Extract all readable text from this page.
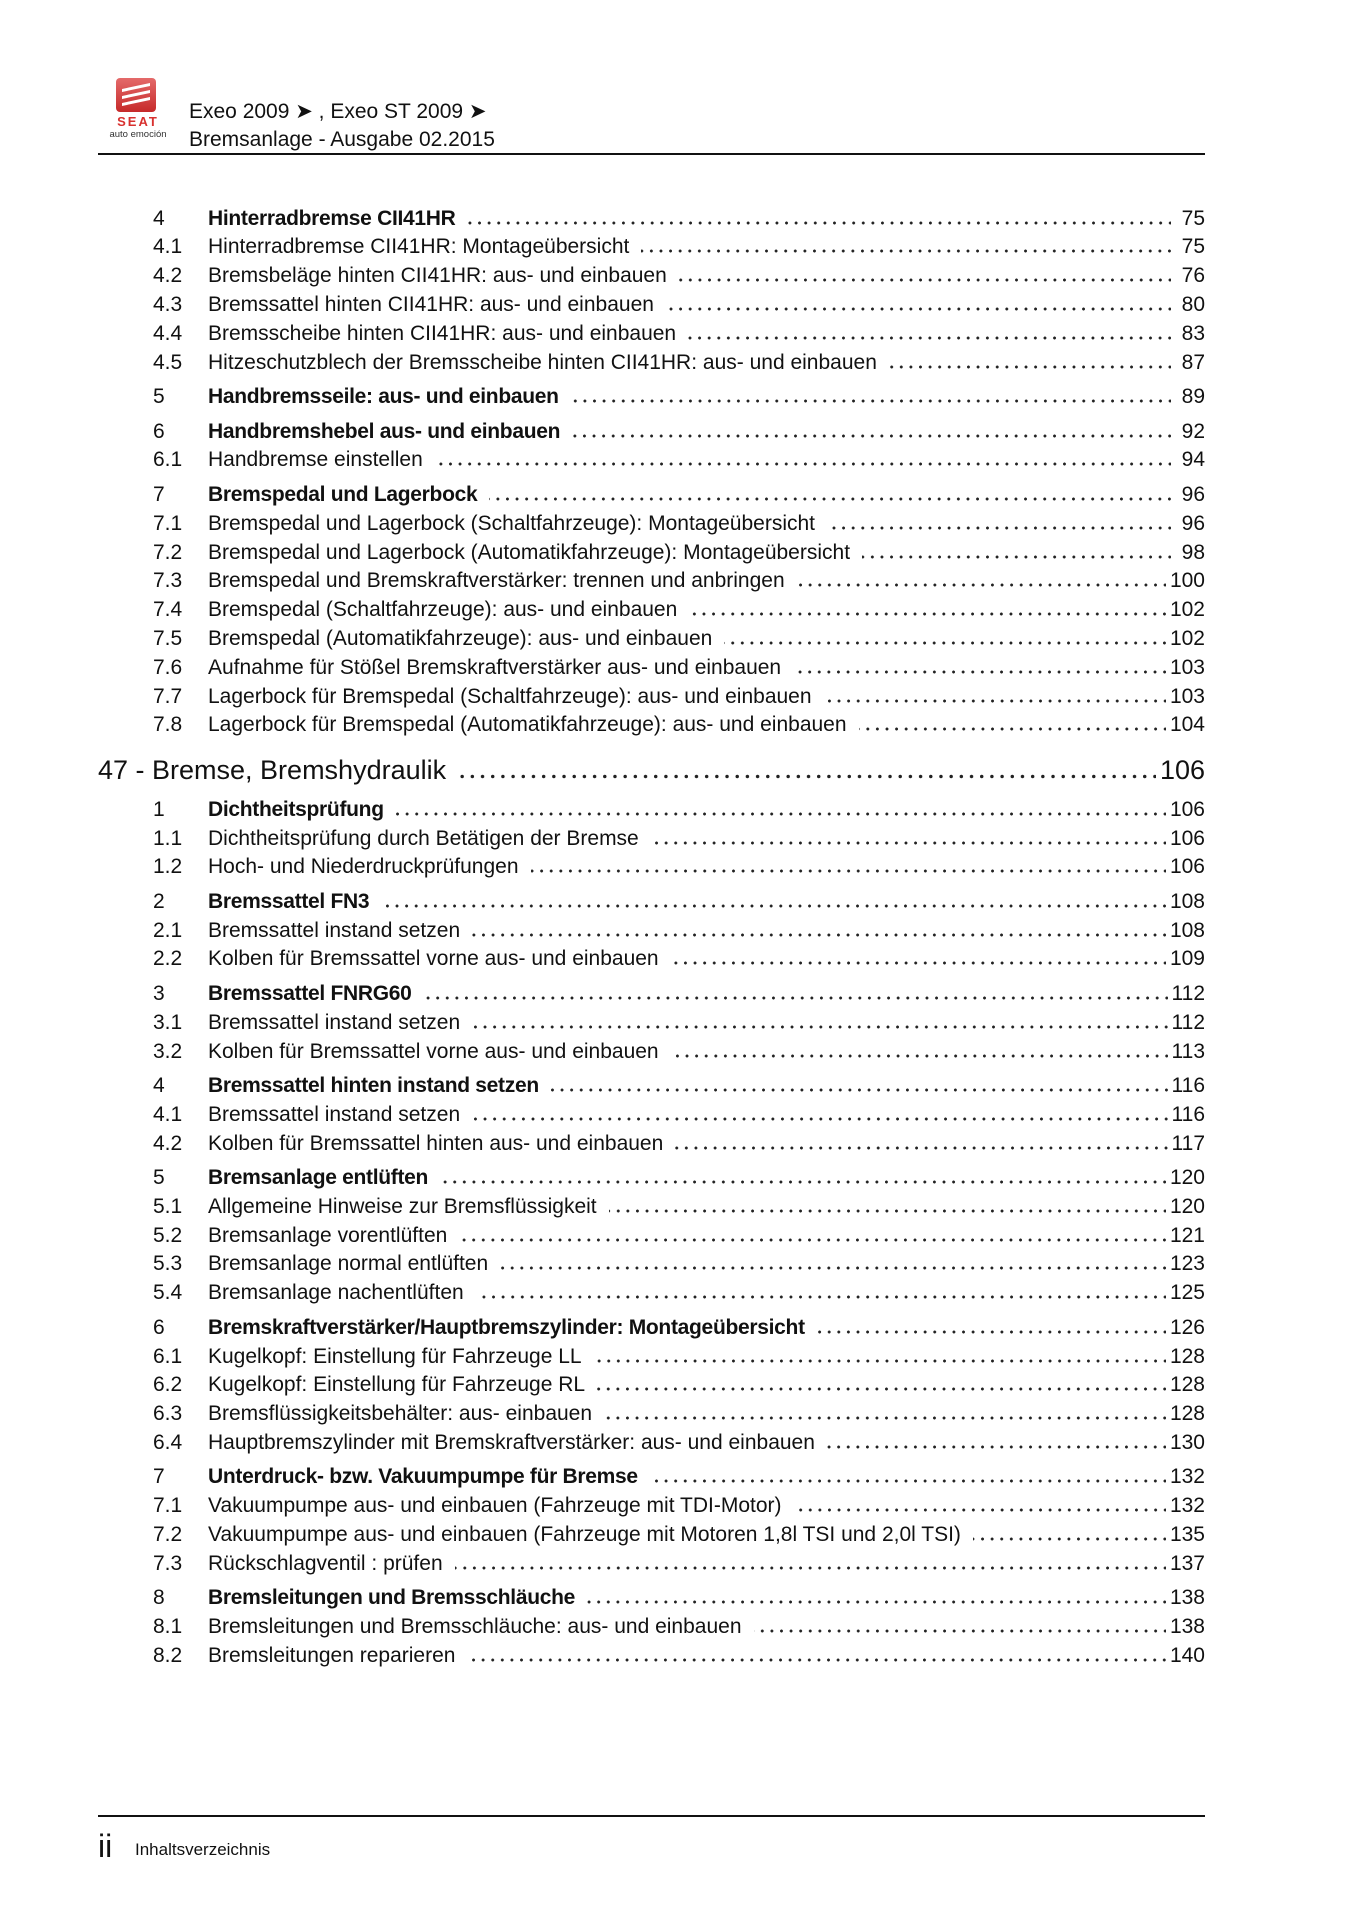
SEAT
auto emoción
Exeo 2009 ➤ , Exeo ST 2009 ➤
Bremsanlage - Ausgabe 02.2015
4	Hinterradbremse CII41HR	75
4.1	Hinterradbremse CII41HR: Montageübersicht	75
4.2	Bremsbeläge hinten CII41HR: aus- und einbauen	76
4.3	Bremssattel hinten CII41HR: aus- und einbauen	80
4.4	Bremsscheibe hinten CII41HR: aus- und einbauen	83
4.5	Hitzeschutzblech der Bremsscheibe hinten CII41HR: aus- und einbauen	87
5	Handbremsseile: aus- und einbauen	89
6	Handbremshebel aus- und einbauen	92
6.1	Handbremse einstellen	94
7	Bremspedal und Lagerbock	96
7.1	Bremspedal und Lagerbock (Schaltfahrzeuge): Montageübersicht	96
7.2	Bremspedal und Lagerbock (Automatikfahrzeuge): Montageübersicht	98
7.3	Bremspedal und Bremskraftverstärker: trennen und anbringen	100
7.4	Bremspedal (Schaltfahrzeuge): aus- und einbauen	102
7.5	Bremspedal (Automatikfahrzeuge): aus- und einbauen	102
7.6	Aufnahme für Stößel Bremskraftverstärker aus- und einbauen	103
7.7	Lagerbock für Bremspedal (Schaltfahrzeuge): aus- und einbauen	103
7.8	Lagerbock für Bremspedal (Automatikfahrzeuge): aus- und einbauen	104
47 - Bremse, Bremshydraulik	106
1	Dichtheitsprüfung	106
1.1	Dichtheitsprüfung durch Betätigen der Bremse	106
1.2	Hoch- und Niederdruckprüfungen	106
2	Bremssattel FN3	108
2.1	Bremssattel instand setzen	108
2.2	Kolben für Bremssattel vorne aus- und einbauen	109
3	Bremssattel FNRG60	112
3.1	Bremssattel instand setzen	112
3.2	Kolben für Bremssattel vorne aus- und einbauen	113
4	Bremssattel hinten instand setzen	116
4.1	Bremssattel instand setzen	116
4.2	Kolben für Bremssattel hinten aus- und einbauen	117
5	Bremsanlage entlüften	120
5.1	Allgemeine Hinweise zur Bremsflüssigkeit	120
5.2	Bremsanlage vorentlüften	121
5.3	Bremsanlage normal entlüften	123
5.4	Bremsanlage nachentlüften	125
6	Bremskraftverstärker/Hauptbremszylinder: Montageübersicht	126
6.1	Kugelkopf: Einstellung für Fahrzeuge LL	128
6.2	Kugelkopf: Einstellung für Fahrzeuge RL	128
6.3	Bremsflüssigkeitsbehälter: aus- einbauen	128
6.4	Hauptbremszylinder mit Bremskraftverstärker: aus- und einbauen	130
7	Unterdruck- bzw. Vakuumpumpe für Bremse	132
7.1	Vakuumpumpe aus- und einbauen (Fahrzeuge mit TDI-Motor)	132
7.2	Vakuumpumpe aus- und einbauen (Fahrzeuge mit Motoren 1,8l TSI und 2,0l TSI)	135
7.3	Rückschlagventil : prüfen	137
8	Bremsleitungen und Bremsschläuche	138
8.1	Bremsleitungen und Bremsschläuche: aus- und einbauen	138
8.2	Bremsleitungen reparieren	140
ii Inhaltsverzeichnis
